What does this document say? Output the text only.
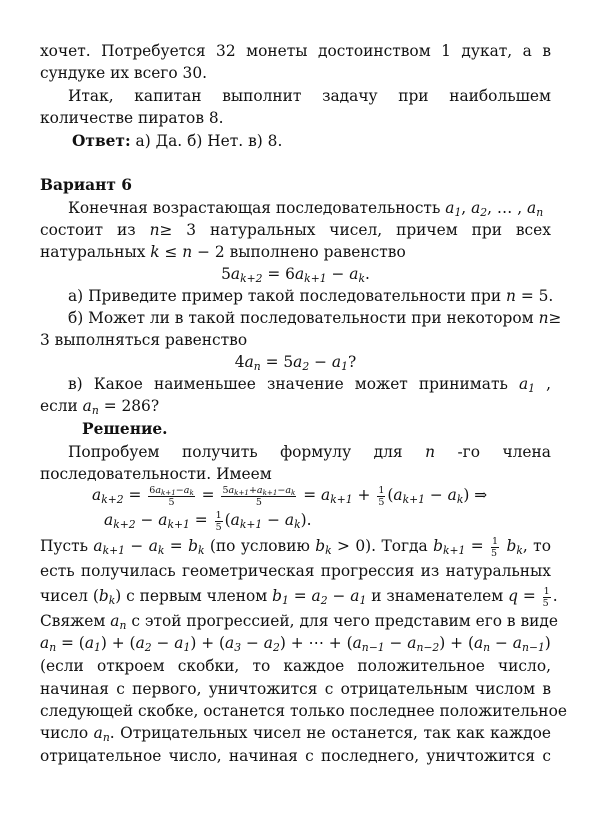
хочет. Потребуется 32 монеты достоинством 1 дукат, а в
сундуке их всего 30.
Итак, капитан выполнит задачу при наибольшем
количестве пиратов 8.
Ответ: а) Да. б) Нет. в) 8.
Вариант 6
Конечная возрастающая последовательность $a_1$, $a_2$, … , $a_n$
состоит из n≥ 3 натуральных чисел, причем при всех
натуральных k ≤ n − 2 выполнено равенство
$5a_{k+2} = 6a_{k+1} - a_k$.
а) Приведите пример такой последовательности при n = 5.
б) Может ли в такой последовательности при некотором n≥
3 выполняться равенство
$4a_n = 5a_2 - a_1$?
в) Какое наименьшее значение может принимать $a_1$ ,
если $a_n = 286$?
Решение.
Попробуем получить формулу для n -го члена
последовательности. Имеем
$a_{k+2} = \frac{6a_{k+1}-a_k}{5} = \frac{5a_{k+1}+a_{k+1}-a_k}{5} = a_{k+1} + \frac{1}{5} (a_{k+1} - a_k)$ ⇒
$a_{k+2} - a_{k+1} = \frac{1}{5} (a_{k+1} - a_k)$.
Пусть $a_{k+1} - a_k = b_k$ (по условию $b_k > 0$). Тогда $b_{k+1} = \frac{1}{5} b_k$, то
есть получилась геометрическая прогрессия из натуральных
чисел $(b_k)$ с первым членом $b_1 = a_2 - a_1$ и знаменателем $q = \frac{1}{5}$ .
Свяжем $a_n$ с этой прогрессией, для чего представим его в виде
$a_n = (a_1) + (a_2 - a_1) + (a_3 - a_2)$ + ⋯ + $(a_{n-1} - a_{n-2}) + (a_n - a_{n-1})$
(если откроем скобки, то каждое положительное число,
начиная с первого, уничтожится с отрицательным числом в
следующей скобке, останется только последнее положительное
число $a_n$. Отрицательных чисел не останется, так как каждое
отрицательное число, начиная с последнего, уничтожится с
